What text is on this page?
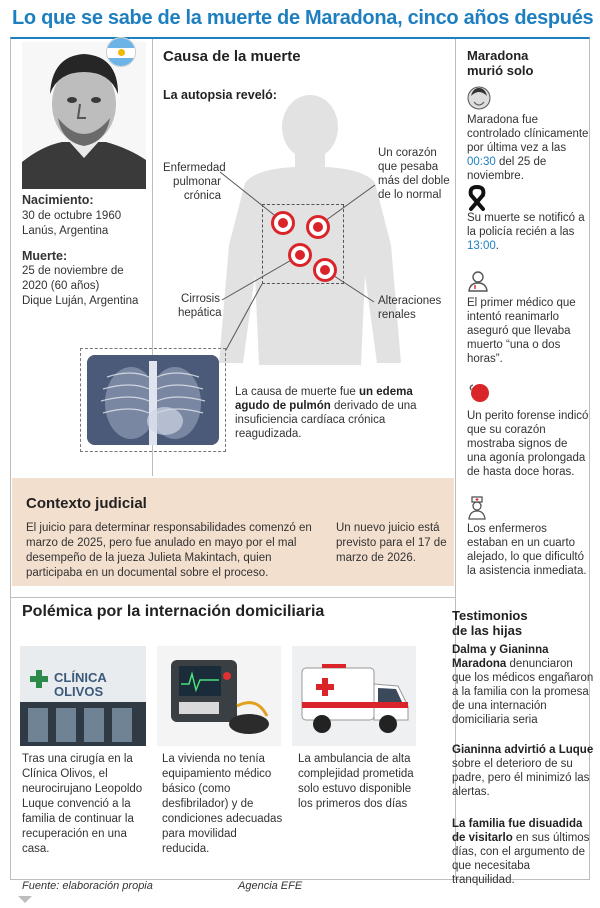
Lo que se sabe de la muerte de Maradona, cinco años después
Nacimiento:
30 de octubre 1960
Lanús, Argentina
Muerte:
25 de noviembre de
2020 (60 años)
Dique Luján, Argentina
Causa de la muerte
La autopsia reveló:
Enfermedad
pulmonar
crónica
Un corazón
que pesaba
más del doble
de lo normal
Cirrosis
hepática
Alteraciones
renales
La causa de muerte fue un edema agudo de pulmón derivado de una insuficiencia cardíaca crónica reagudizada.
Maradona
murió solo
Maradona fue controlado clínicamente por última vez a las 00:30 del 25 de noviembre.
Su muerte se notificó a la policía recién a las 13:00.
El primer médico que intentó reanimarlo aseguró que llevaba muerto “una o dos horas”.
Un perito forense indicó que su corazón mostraba signos de una agonía prolongada de hasta doce horas.
Los enfermeros estaban en un cuarto alejado, lo que dificultó la asistencia inmediata.
Contexto judicial
El juicio para determinar responsabilidades comenzó en marzo de 2025, pero fue anulado en mayo por el mal desempeño de la jueza Julieta Makintach, quien participaba en un documental sobre el proceso.
Un nuevo juicio está previsto para el 17 de marzo de 2026.
Polémica por la internación domiciliaria
CLÍNICA
OLIVOS
Tras una cirugía en la Clínica Olivos, el neurocirujano Leopoldo Luque convenció a la familia de continuar la recuperación en una casa.
La vivienda no tenía equipamiento médico básico (como desfibrilador) y de condiciones adecuadas para movilidad reducida.
La ambulancia de alta complejidad prometida solo estuvo disponible los primeros dos días
Testimonios
de las hijas
Dalma y Gianinna Maradona denunciaron que los médicos engañaron a la familia con la promesa de una internación domiciliaria seria
Gianinna advirtió a Luque sobre el deterioro de su padre, pero él minimizó las alertas.
La familia fue disuadida de visitarlo en sus últimos días, con el argumento de que necesitaba tranquilidad.
Fuente: elaboración propia	Agencia EFE
